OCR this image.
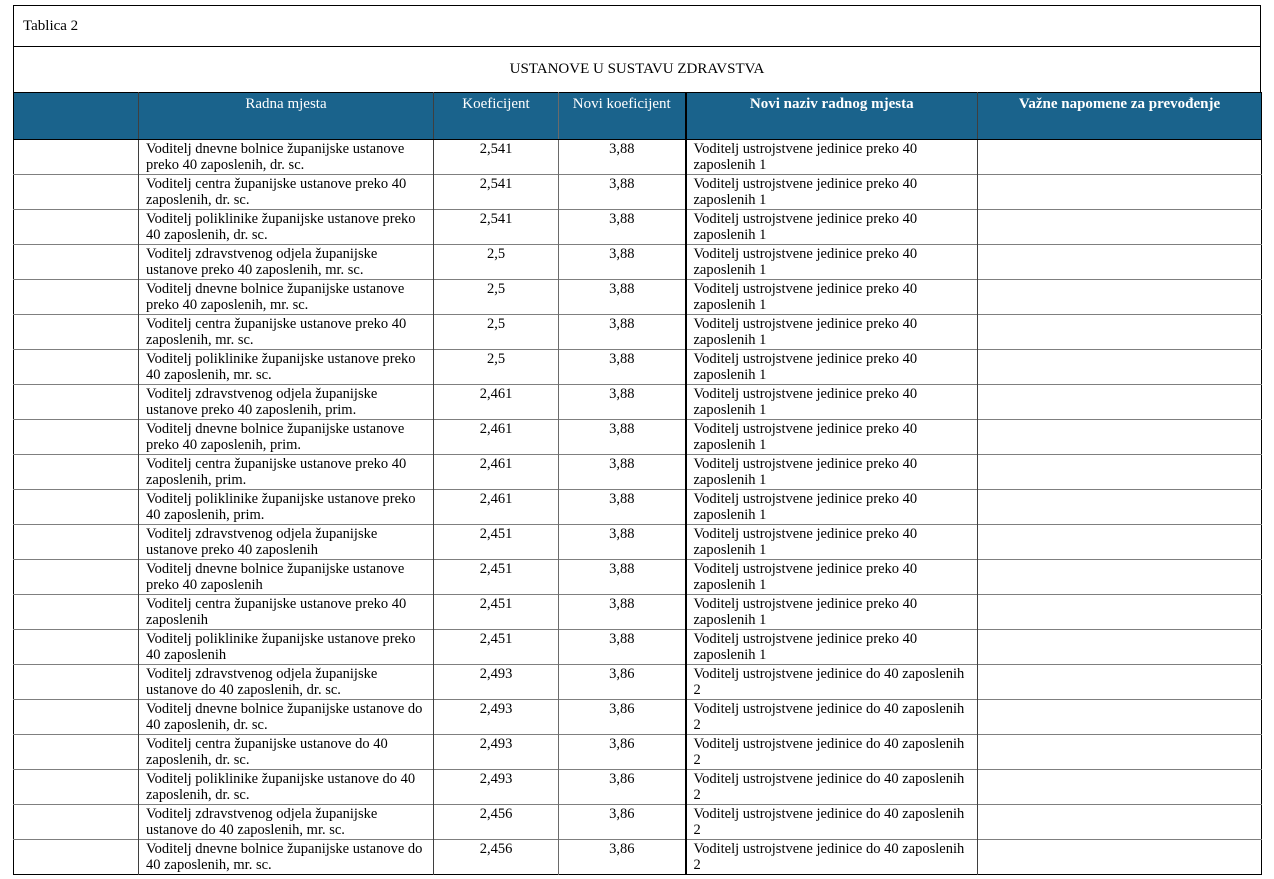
Tablica 2
USTANOVE U SUSTAVU ZDRAVSTVA
	Radna mjesta	Koeficijent	Novi koeficijent	Novi naziv radnog mjesta	Važne napomene za prevođenje
	Voditelj dnevne bolnice županijske ustanove preko 40 zaposlenih, dr. sc.	2,541	3,88	Voditelj ustrojstvene jedinice preko 40 zaposlenih 1	
	Voditelj centra županijske ustanove preko 40 zaposlenih, dr. sc.	2,541	3,88	Voditelj ustrojstvene jedinice preko 40 zaposlenih 1	
	Voditelj poliklinike županijske ustanove preko 40 zaposlenih, dr. sc.	2,541	3,88	Voditelj ustrojstvene jedinice preko 40 zaposlenih 1	
	Voditelj zdravstvenog odjela županijske ustanove preko 40 zaposlenih, mr. sc.	2,5	3,88	Voditelj ustrojstvene jedinice preko 40 zaposlenih 1	
	Voditelj dnevne bolnice županijske ustanove preko 40 zaposlenih, mr. sc.	2,5	3,88	Voditelj ustrojstvene jedinice preko 40 zaposlenih 1	
	Voditelj centra županijske ustanove preko 40 zaposlenih, mr. sc.	2,5	3,88	Voditelj ustrojstvene jedinice preko 40 zaposlenih 1	
	Voditelj poliklinike županijske ustanove preko 40 zaposlenih, mr. sc.	2,5	3,88	Voditelj ustrojstvene jedinice preko 40 zaposlenih 1	
	Voditelj zdravstvenog odjela županijske ustanove preko 40 zaposlenih, prim.	2,461	3,88	Voditelj ustrojstvene jedinice preko 40 zaposlenih 1	
	Voditelj dnevne bolnice županijske ustanove preko 40 zaposlenih, prim.	2,461	3,88	Voditelj ustrojstvene jedinice preko 40 zaposlenih 1	
	Voditelj centra županijske ustanove preko 40 zaposlenih, prim.	2,461	3,88	Voditelj ustrojstvene jedinice preko 40 zaposlenih 1	
	Voditelj poliklinike županijske ustanove preko 40 zaposlenih, prim.	2,461	3,88	Voditelj ustrojstvene jedinice preko 40 zaposlenih 1	
	Voditelj zdravstvenog odjela županijske ustanove preko 40 zaposlenih	2,451	3,88	Voditelj ustrojstvene jedinice preko 40 zaposlenih 1	
	Voditelj dnevne bolnice županijske ustanove preko 40 zaposlenih	2,451	3,88	Voditelj ustrojstvene jedinice preko 40 zaposlenih 1	
	Voditelj centra županijske ustanove preko 40 zaposlenih	2,451	3,88	Voditelj ustrojstvene jedinice preko 40 zaposlenih 1	
	Voditelj poliklinike županijske ustanove preko 40 zaposlenih	2,451	3,88	Voditelj ustrojstvene jedinice preko 40 zaposlenih 1	
	Voditelj zdravstvenog odjela županijske ustanove do 40 zaposlenih, dr. sc.	2,493	3,86	Voditelj ustrojstvene jedinice do 40 zaposlenih 2	
	Voditelj dnevne bolnice županijske ustanove do 40 zaposlenih, dr. sc.	2,493	3,86	Voditelj ustrojstvene jedinice do 40 zaposlenih 2	
	Voditelj centra županijske ustanove do 40 zaposlenih, dr. sc.	2,493	3,86	Voditelj ustrojstvene jedinice do 40 zaposlenih 2	
	Voditelj poliklinike županijske ustanove do 40 zaposlenih, dr. sc.	2,493	3,86	Voditelj ustrojstvene jedinice do 40 zaposlenih 2	
	Voditelj zdravstvenog odjela županijske ustanove do 40 zaposlenih, mr. sc.	2,456	3,86	Voditelj ustrojstvene jedinice do 40 zaposlenih 2	
	Voditelj dnevne bolnice županijske ustanove do 40 zaposlenih, mr. sc.	2,456	3,86	Voditelj ustrojstvene jedinice do 40 zaposlenih 2	
